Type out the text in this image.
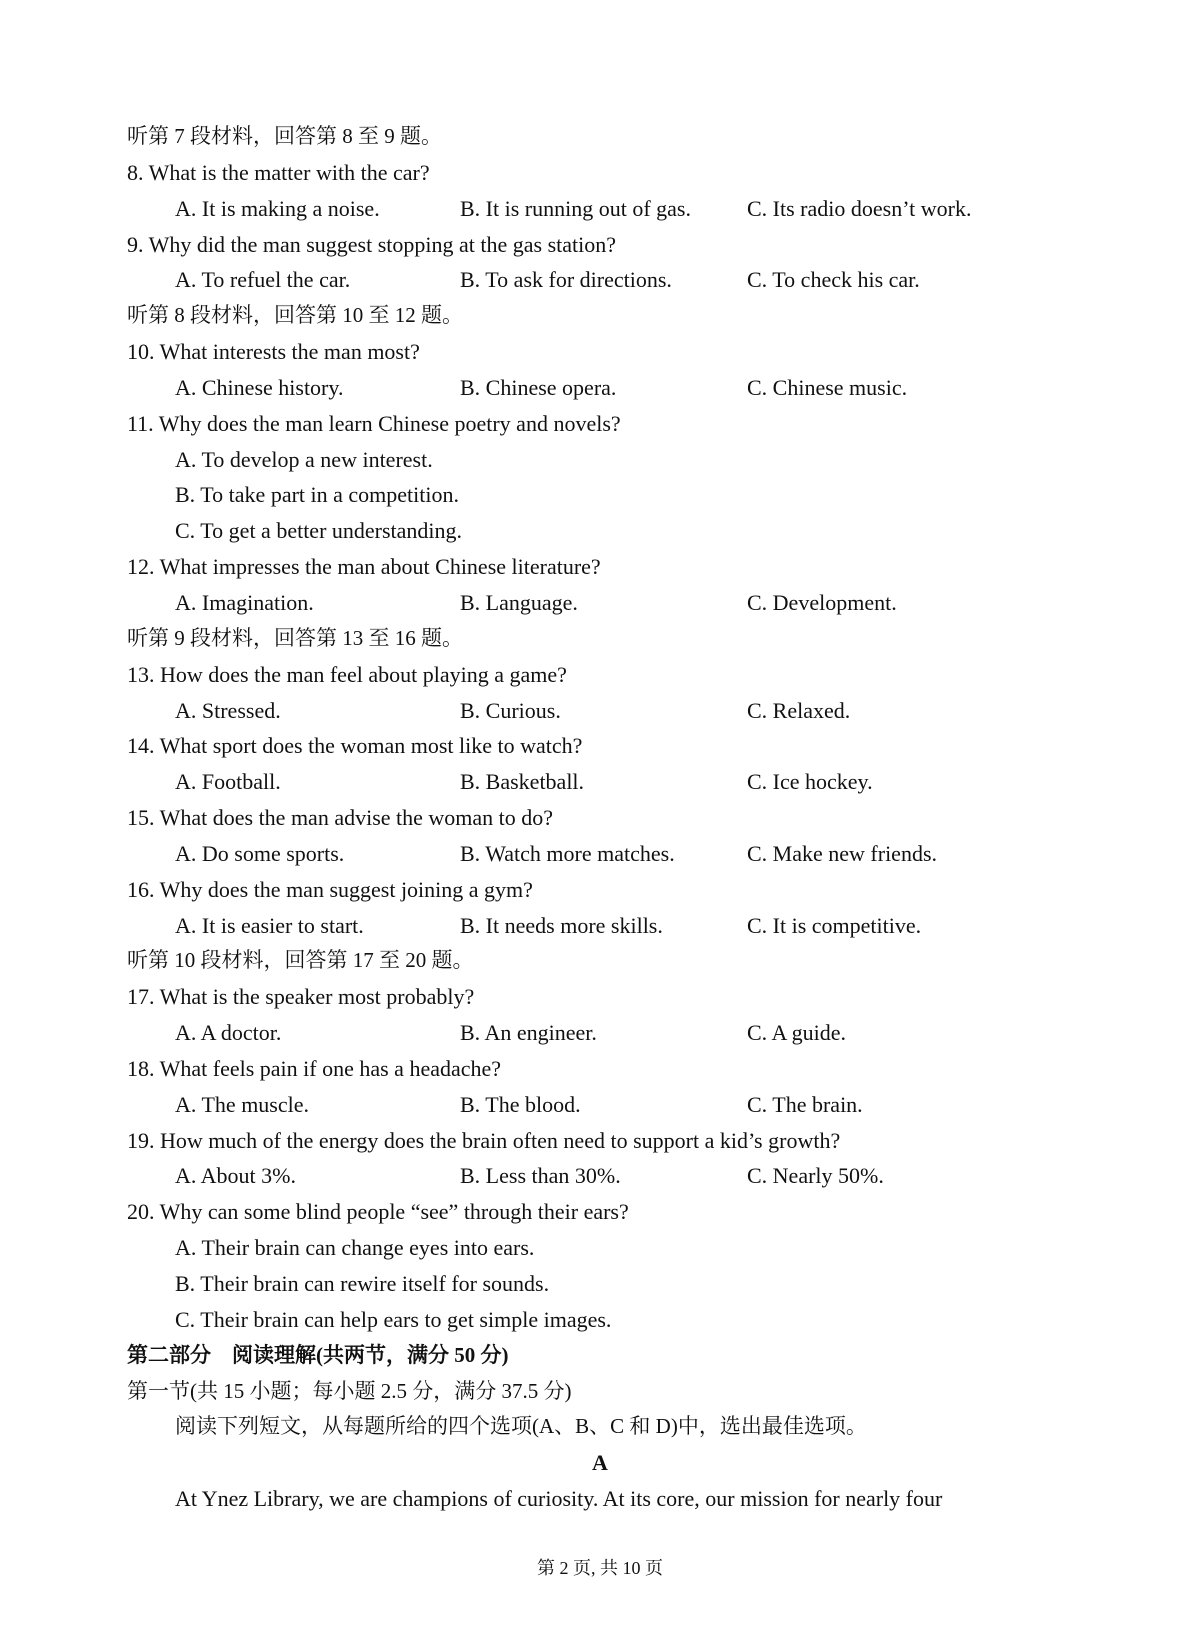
听第 7 段材料，回答第 8 至 9 题。
8. What is the matter with the car?
A. It is making a noise.	B. It is running out of gas.	C. Its radio doesn’t work.
9. Why did the man suggest stopping at the gas station?
A. To refuel the car.	B. To ask for directions.	C. To check his car.
听第 8 段材料，回答第 10 至 12 题。
10. What interests the man most?
A. Chinese history.	B. Chinese opera.	C. Chinese music.
11. Why does the man learn Chinese poetry and novels?
A. To develop a new interest.
B. To take part in a competition.
C. To get a better understanding.
12. What impresses the man about Chinese literature?
A. Imagination.	B. Language.	C. Development.
听第 9 段材料，回答第 13 至 16 题。
13. How does the man feel about playing a game?
A. Stressed.	B. Curious.	C. Relaxed.
14. What sport does the woman most like to watch?
A. Football.	B. Basketball.	C. Ice hockey.
15. What does the man advise the woman to do?
A. Do some sports.	B. Watch more matches.	C. Make new friends.
16. Why does the man suggest joining a gym?
A. It is easier to start.	B. It needs more skills.	C. It is competitive.
听第 10 段材料，回答第 17 至 20 题。
17. What is the speaker most probably?
A. A doctor.	B. An engineer.	C. A guide.
18. What feels pain if one has a headache?
A. The muscle.	B. The blood.	C. The brain.
19. How much of the energy does the brain often need to support a kid’s growth?
A. About 3%.	B. Less than 30%.	C. Nearly 50%.
20. Why can some blind people “see” through their ears?
A. Their brain can change eyes into ears.
B. Their brain can rewire itself for sounds.
C. Their brain can help ears to get simple images.
第二部分　阅读理解(共两节，满分 50 分)
第一节(共 15 小题；每小题 2.5 分，满分 37.5 分)
阅读下列短文，从每题所给的四个选项(A、B、C 和 D)中，选出最佳选项。
A
At Ynez Library, we are champions of curiosity. At its core, our mission for nearly four
第 2 页, 共 10 页
